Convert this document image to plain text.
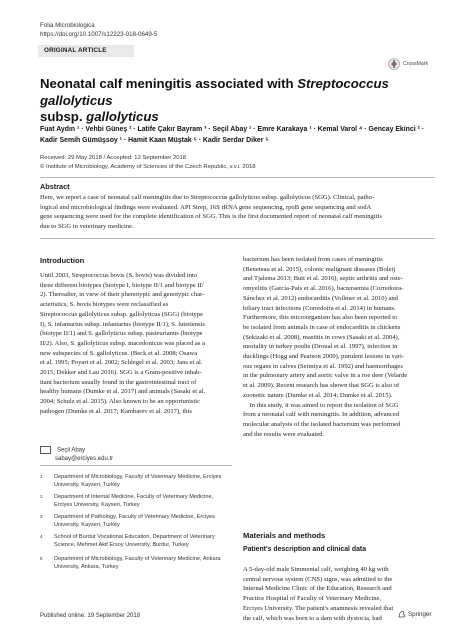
Folia Microbiologica
https://doi.org/10.1007/s12223-018-0649-5
ORIGINAL ARTICLE
CrossMark
Neonatal calf meningitis associated with Streptococcus gallolyticus
subsp. gallolyticus
Fuat Aydın ¹ · Vehbi Güneş ² · Latife Çakır Bayram ³ · Seçil Abay ¹ · Emre Karakaya ¹ · Kemal Varol ⁴ · Gencay Ekinci ² ·
Kadir Semih Gümüşsoy ¹ · Hamit Kaan Müştak ⁵ · Kadir Serdar Diker ⁵
Received: 29 May 2018 / Accepted: 12 September 2018
© Institute of Microbiology, Academy of Sciences of the Czech Republic, v.v.i. 2018
Abstract
Here, we report a case of neonatal calf meningitis due to Streptococcus gallolyticus subsp. gallolyticus (SGG). Clinical, patho-
logical and microbiological findings were evaluated. API Strep, 16S rRNA gene sequencing, rpoB gene sequencing and sodA
gene sequencing were used for the complete identification of SGG. This is the first documented report of neonatal calf meningitis
due to SGG in veterinary medicine.
Introduction
Until 2003, Streptococcus bovis (S. bovis) was divided into
three different biotypes (biotype I, biotype II/1 and biotype II/
2). Thereafter, in view of their phenotypic and genotypic char-
acteristics, S. bovis biotypes were reclassified as
Streptococcus gallolyticus subsp. gallolyticus (SGG) (biotype
I), S. infantarius subsp. infantarius (biotype II/1), S. lutetiensis
(biotype II/1) and S. gallolyticus subsp. pasteurianus (biotype
II/2). Also, S. gallolyticus subsp. macedonicus was placed as a
new subspecies of S. gallolyticus. (Beck et al. 2008; Osawa
et al. 1995; Poyart et al. 2002; Schlegel et al. 2003; Jans et al.
2015; Dekker and Lau 2016). SGG is a Gram-positive inhab-
itant bacterium usually found in the gastrointestinal tract of
healthy humans (Dumke et al. 2017) and animals (Sasaki et al.
2004; Schulz et al. 2015). Also known to be an opportunistic
pathogen (Dumke et al. 2017; Kambarev et al. 2017), this
Seçil Abay
sabay@erciyes.edu.tr
1 Department of Microbiology, Faculty of Veterinary Medicine, Erciyes University, Kayseri, Turkey
2 Department of Internal Medicine, Faculty of Veterinary Medicine, Erciyes University, Kayseri, Turkey
3 Department of Pathology, Faculty of Veterinary Medicine, Erciyes University, Kayseri, Turkey
4 School of Burdur Vocational Education, Department of Veterinary Science, Mehmet Akif Ersoy University, Burdur, Turkey
5 Department of Microbiology, Faculty of Veterinary Medicine, Ankara University, Ankara, Turkey
bacterium has been isolated from cases of meningitis
(Beneteau et al. 2015), colonic malignant diseases (Boleij
and Tjalsma 2013; Butt et al. 2016), septic arthritis and oste-
omyelitis (García-País et al. 2016), bacteraemia (Corredoira-
Sánchez et al. 2012) endocarditis (Vollmer et al. 2010) and
biliary tract infections (Corredoira et al. 2014) in humans.
Furthermore, this microorganism has also been reported to
be isolated from animals in case of endocarditis in chickens
(Sekizaki et al. 2008), mastitis in cows (Sasaki et al. 2004),
mortality in turkey poults (Droual et al. 1997), infection in
ducklings (Hogg and Pearson 2009), purulent lesions in vari-
ous organs in calves (Seimiya et al. 1992) and haemorrhages
in the pulmonary artery and aortic valve in a roe deer (Velarde
et al. 2009). Recent research has shown that SGG is also of
zoonotic nature (Dumke et al. 2014; Dumke et al. 2015).
In this study, it was aimed to report the isolation of SGG
from a neonatal calf with meningitis. In addition, advanced
molecular analysis of the isolated bacterium was performed
and the results were evaluated.
Materials and methods
Patient's description and clinical data
A 5-day-old male Simmental calf, weighing 40 kg with
central nervous system (CNS) signs, was admitted to the
Internal Medicine Clinic of the Education, Research and
Practice Hospital of Faculty of Veterinary Medicine,
Erciyes University. The patient's anamnesis revealed that
the calf, which was born to a dam with dystocia, had
Published online: 19 September 2018	Springer
